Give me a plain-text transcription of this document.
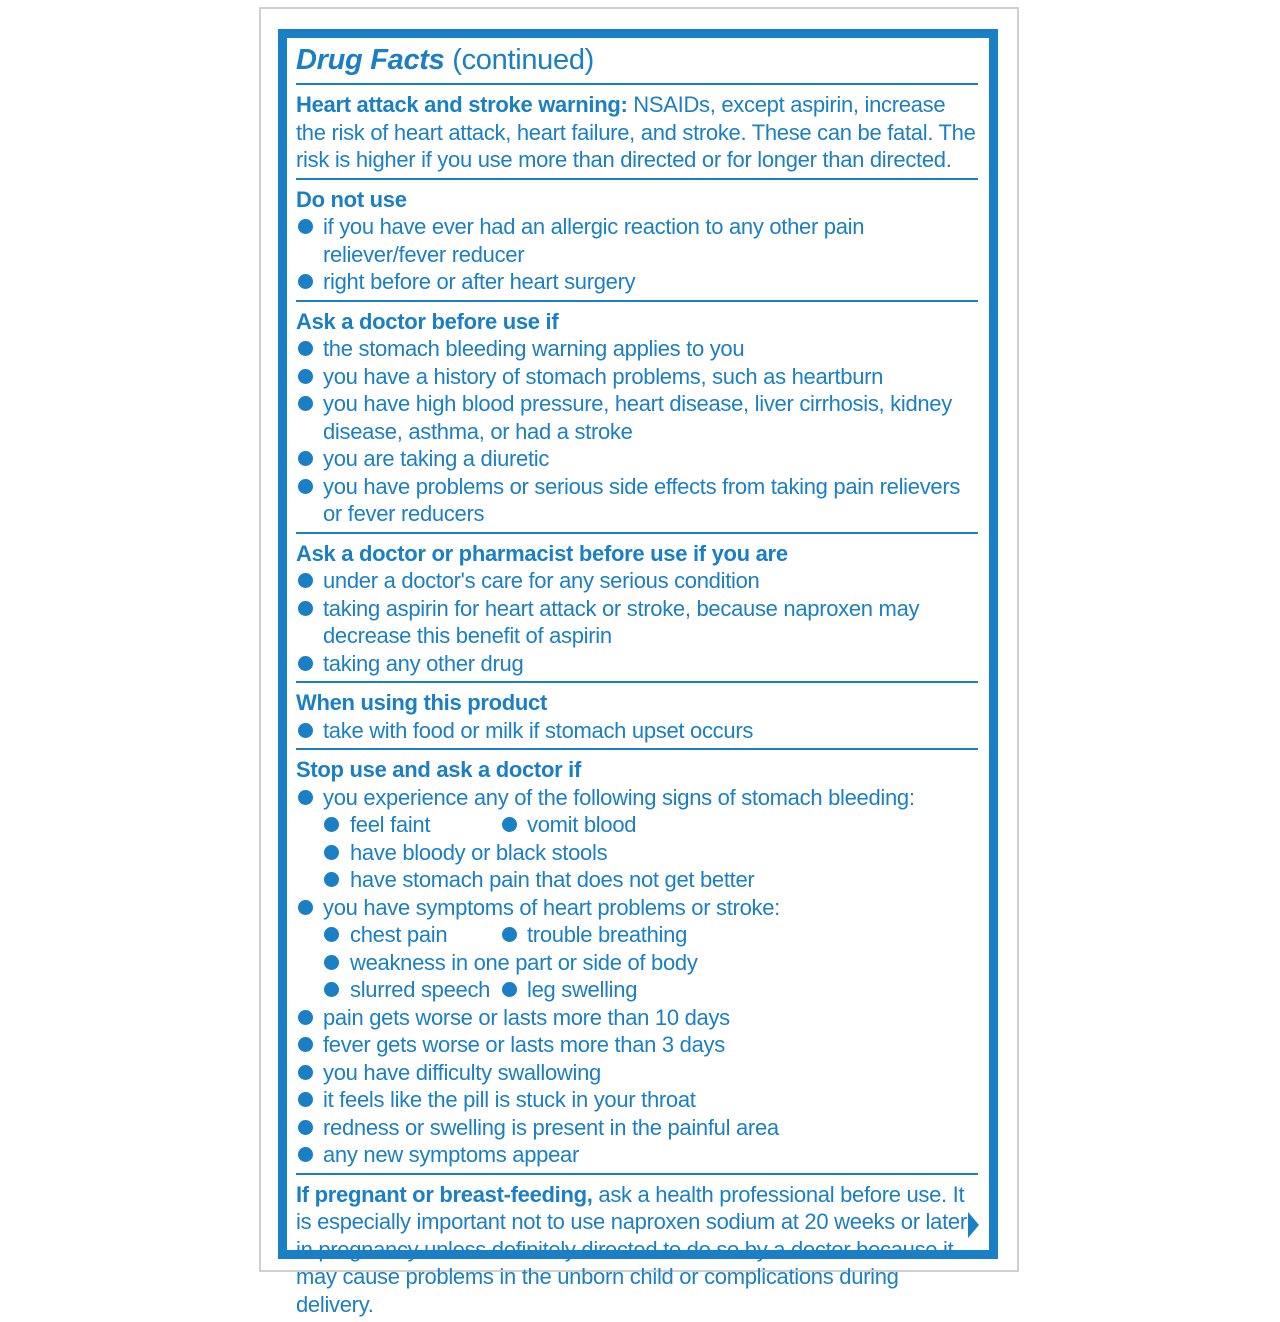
Drug Facts (continued)
Heart attack and stroke warning: NSAIDs, except aspirin, increase the risk of heart attack, heart failure, and stroke. These can be fatal. The risk is higher if you use more than directed or for longer than directed.
Do not use
if you have ever had an allergic reaction to any other pain reliever/fever reducer
right before or after heart surgery
Ask a doctor before use if
the stomach bleeding warning applies to you
you have a history of stomach problems, such as heartburn
you have high blood pressure, heart disease, liver cirrhosis, kidney disease, asthma, or had a stroke
you are taking a diuretic
you have problems or serious side effects from taking pain relievers or fever reducers
Ask a doctor or pharmacist before use if you are
under a doctor's care for any serious condition
taking aspirin for heart attack or stroke, because naproxen may decrease this benefit of aspirin
taking any other drug
When using this product
take with food or milk if stomach upset occurs
Stop use and ask a doctor if
you experience any of the following signs of stomach bleeding:
feel faint	vomit blood
have bloody or black stools
have stomach pain that does not get better
you have symptoms of heart problems or stroke:
chest pain	trouble breathing
weakness in one part or side of body
slurred speech	leg swelling
pain gets worse or lasts more than 10 days
fever gets worse or lasts more than 3 days
you have difficulty swallowing
it feels like the pill is stuck in your throat
redness or swelling is present in the painful area
any new symptoms appear
If pregnant or breast-feeding, ask a health professional before use. It is especially important not to use naproxen sodium at 20 weeks or later in pregnancy unless definitely directed to do so by a doctor because it may cause problems in the unborn child or complications during delivery.
